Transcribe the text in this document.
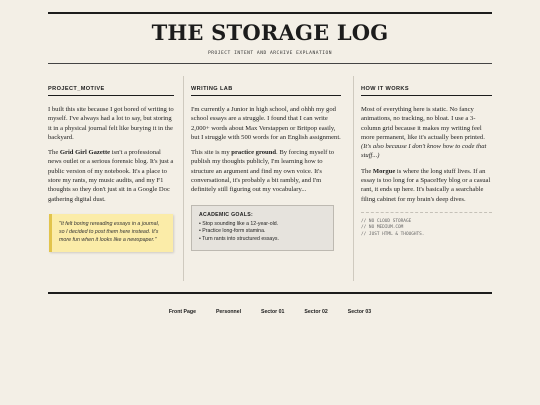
THE STORAGE LOG
PROJECT INTENT AND ARCHIVE EXPLANATION
PROJECT_MOTIVE

I built this site because I got bored of writing to myself. I've always had a lot to say, but storing it in a physical journal felt like burying it in the backyard.

The Grid Girl Gazette isn't a professional news outlet or a serious forensic blog. It's just a public version of my notebook. It's a place to store my rants, my music audits, and my F1 thoughts so they don't just sit in a Google Doc gathering digital dust.

"It felt boring rereading essays in a journal, so I decided to post them here instead. It's more fun when it looks like a newspaper."
WRITING LAB

I'm currently a Junior in high school, and ohhh my god school essays are a struggle. I found that I can write 2,000+ words about Max Verstappen or Britpop easily, but I struggle with 500 words for an English assignment.

This site is my practice ground. By forcing myself to publish my thoughts publicly, I'm learning how to structure an argument and find my own voice. It's conversational, it's probably a bit rambly, and I'm definitely still figuring out my vocabulary...

ACADEMIC GOALS:
• Stop sounding like a 12-year-old.
• Practice long-form stamina.
• Turn rants into structured essays.
HOW IT WORKS

Most of everything here is static. No fancy animations, no tracking, no bloat. I use a 3-column grid because it makes my writing feel more permanent, like it's actually been printed. (It's also because I don't know how to code that stuff...)

The Morgue is where the long stuff lives. If an essay is too long for a SpaceHey blog or a casual rant, it ends up here. It's basically a searchable filing cabinet for my brain's deep dives.

// NO CLOUD STORAGE
// NO MEDIUM.COM
// JUST HTML & THOUGHTS.
Front Page	Personnel	Sector 01	Sector 02	Sector 03
